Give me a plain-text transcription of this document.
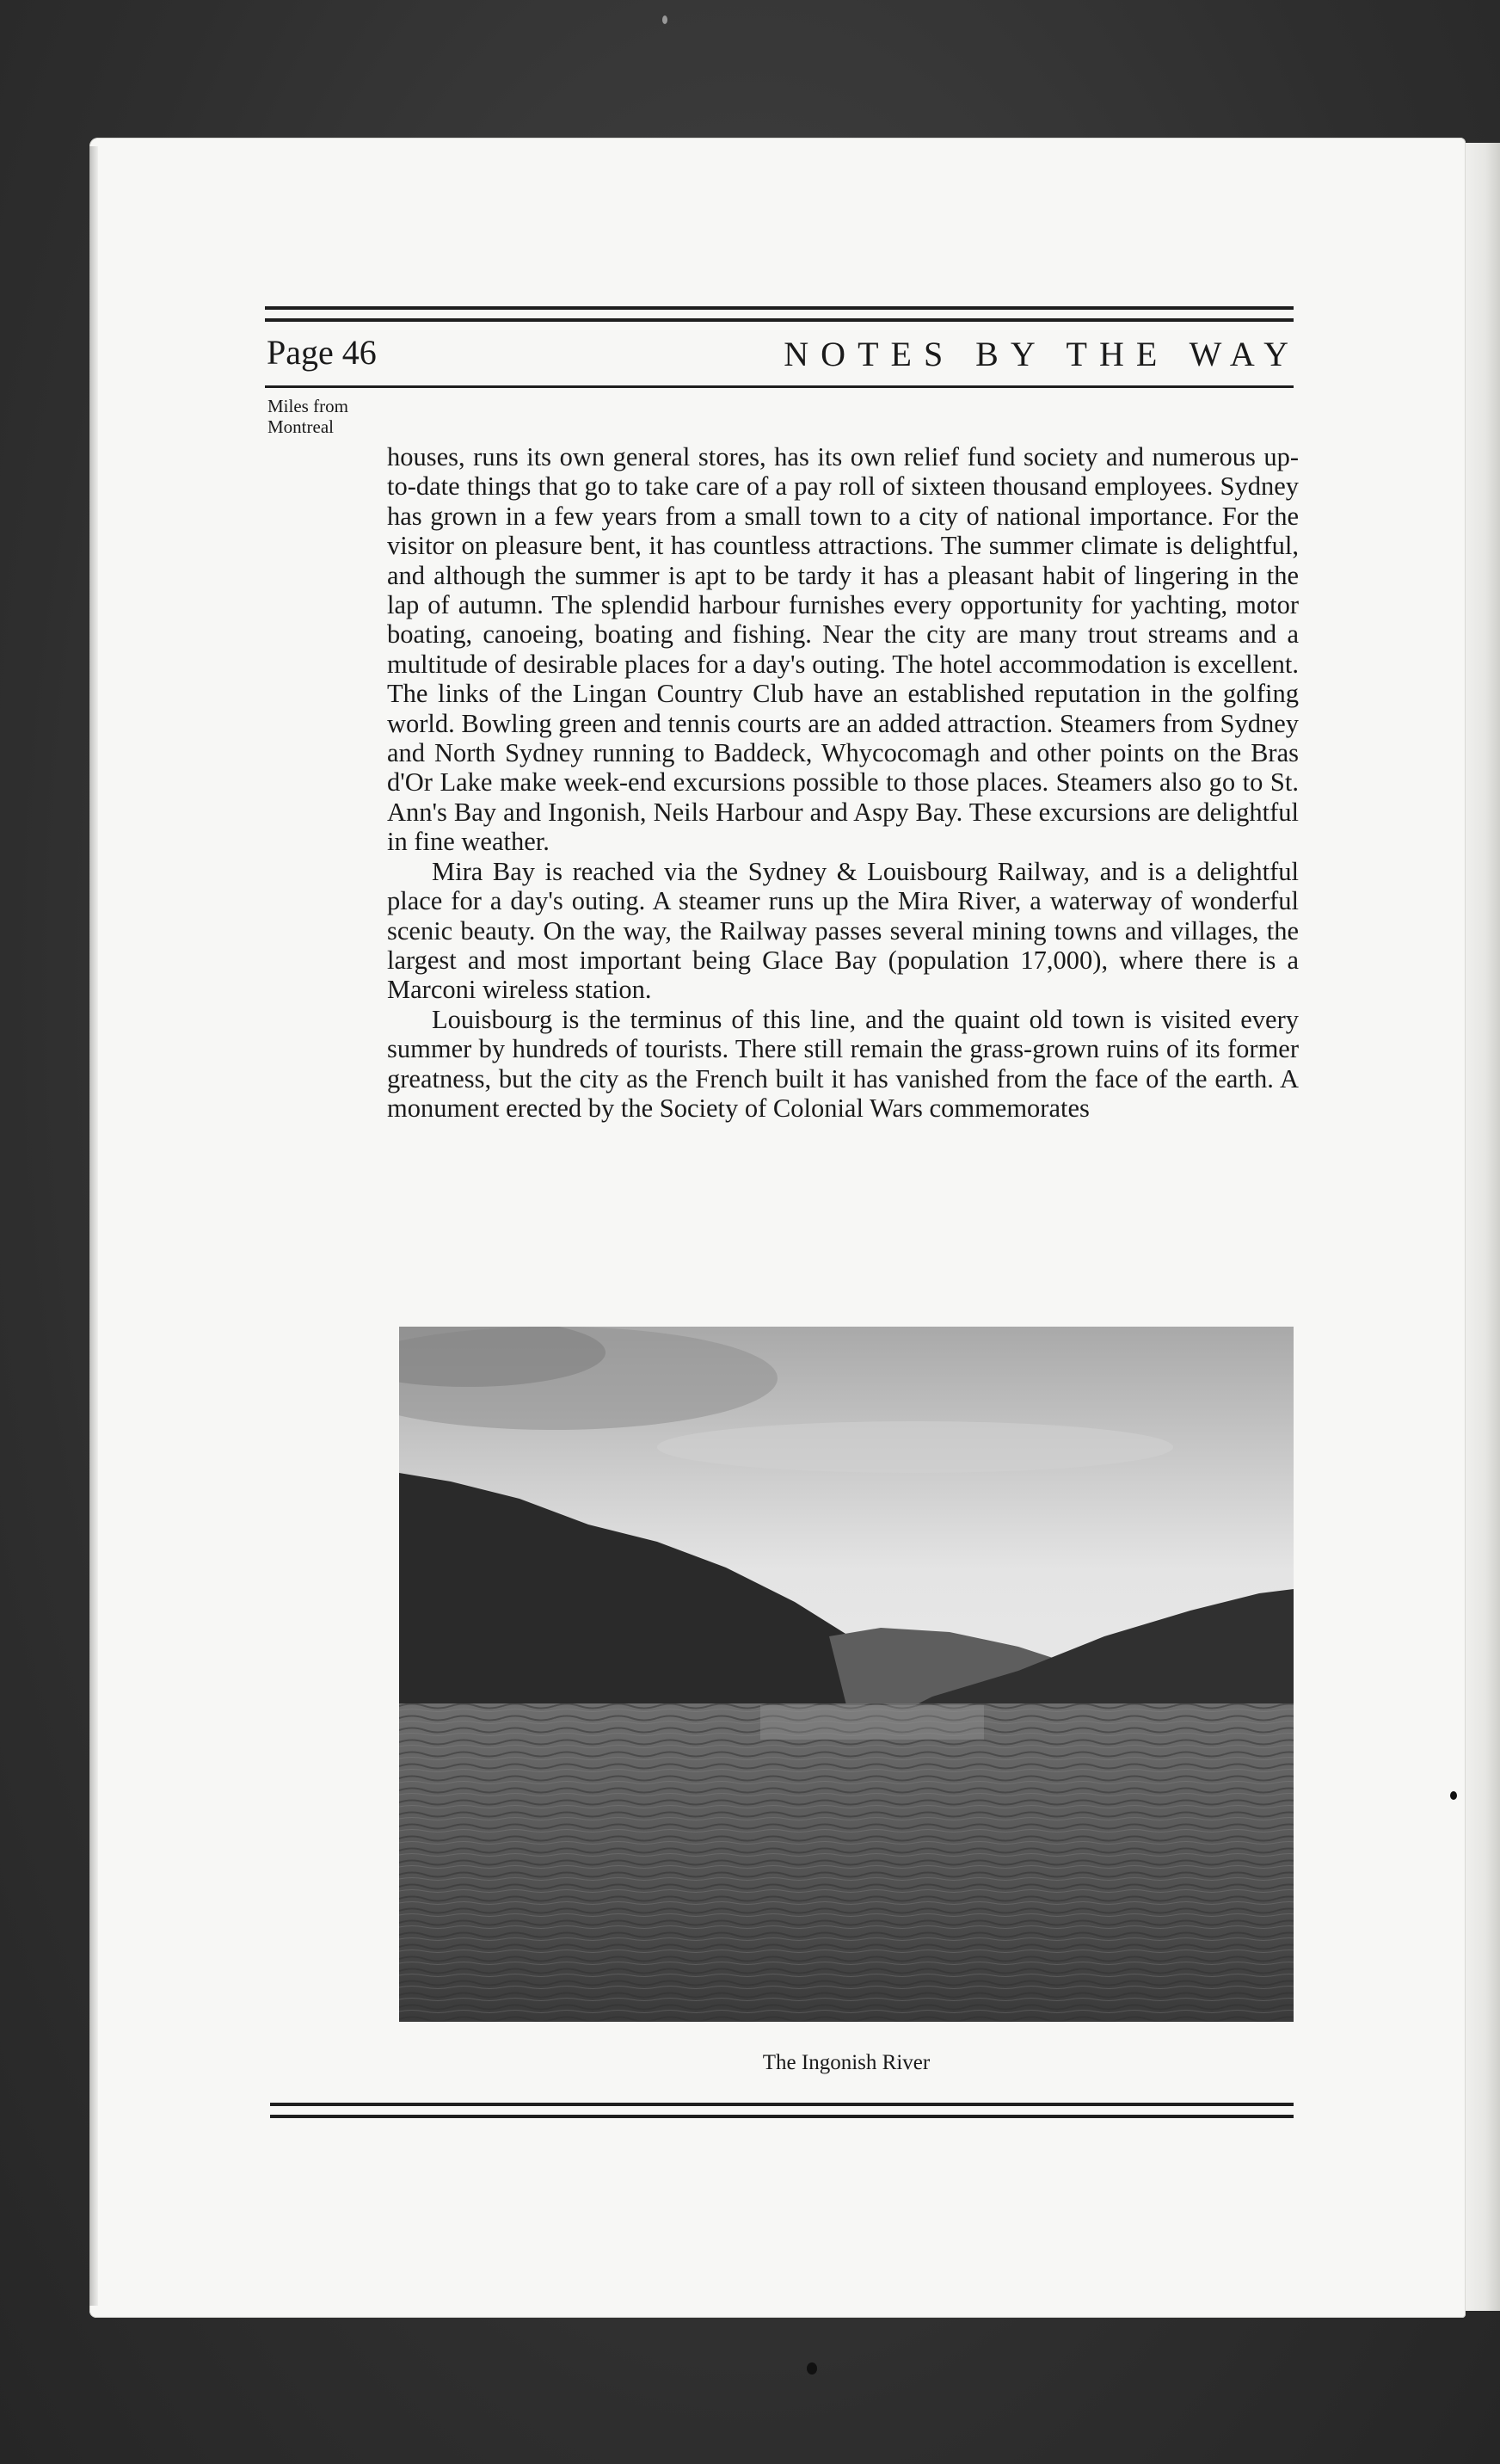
Page 46	NOTES BY THE WAY
Miles from
Montreal

houses, runs its own general stores, has its own relief fund society and numerous up-to-date things that go to take care of a pay roll of sixteen thousand employees. Sydney has grown in a few years from a small town to a city of national importance. For the visitor on pleasure bent, it has countless attractions. The summer climate is delightful, and although the summer is apt to be tardy it has a pleasant habit of lingering in the lap of autumn. The splendid harbour furnishes every opportunity for yachting, motor boating, canoeing, boating and fishing. Near the city are many trout streams and a multitude of desirable places for a day's outing. The hotel accommodation is excellent. The links of the Lingan Country Club have an established reputation in the golfing world. Bowling green and tennis courts are an added attraction. Steamers from Sydney and North Sydney running to Baddeck, Whycocomagh and other points on the Bras d'Or Lake make week-end excursions possible to those places. Steamers also go to St. Ann's Bay and Ingonish, Neils Harbour and Aspy Bay. These excursions are delightful in fine weather.

Mira Bay is reached via the Sydney & Louisbourg Railway, and is a delightful place for a day's outing. A steamer runs up the Mira River, a waterway of wonderful scenic beauty. On the way, the Railway passes several mining towns and villages, the largest and most important being Glace Bay (population 17,000), where there is a Marconi wireless station.

Louisbourg is the terminus of this line, and the quaint old town is visited every summer by hundreds of tourists. There still remain the grass-grown ruins of its former greatness, but the city as the French built it has vanished from the face of the earth. A monument erected by the Society of Colonial Wars commemorates

The Ingonish River
